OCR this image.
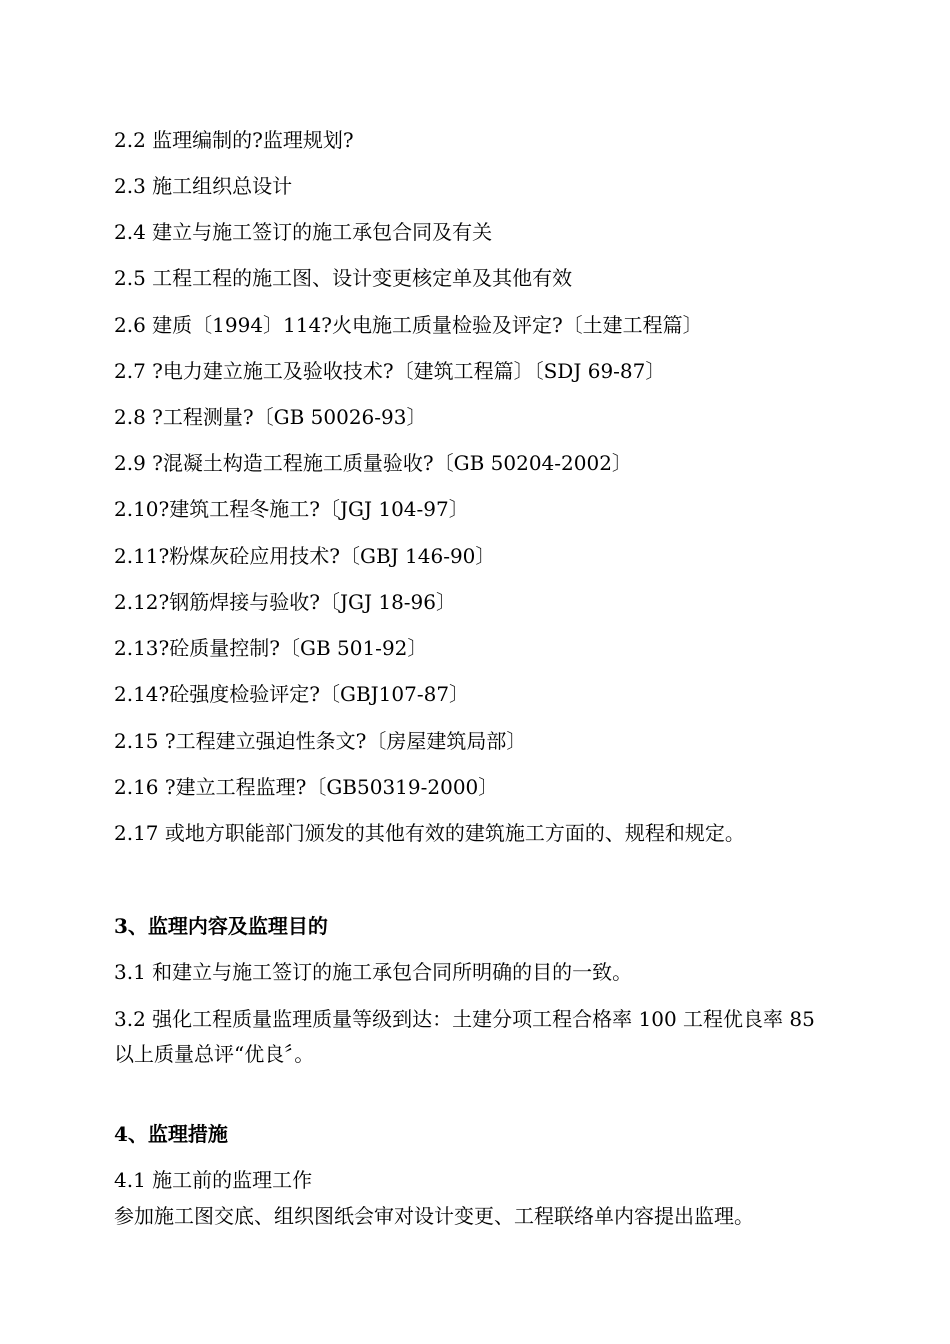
2.2 监理编制的?监理规划?
2.3 施工组织总设计
2.4 建立与施工签订的施工承包合同及有关
2.5 工程工程的施工图、设计变更核定单及其他有效
2.6 建质〔1994〕114?火电施工质量检验及评定?〔土建工程篇〕
2.7 ?电力建立施工及验收技术?〔建筑工程篇〕〔SDJ 69-87〕
2.8 ?工程测量?〔GB 50026-93〕
2.9 ?混凝土构造工程施工质量验收?〔GB 50204-2002〕
2.10?建筑工程冬施工?〔JGJ 104-97〕
2.11?粉煤灰砼应用技术?〔GBJ 146-90〕
2.12?钢筋焊接与验收?〔JGJ 18-96〕
2.13?砼质量控制?〔GB 501-92〕
2.14?砼强度检验评定?〔GBJ107-87〕
2.15 ?工程建立强迫性条文?〔房屋建筑局部〕
2.16 ?建立工程监理?〔GB50319-2000〕
2.17 或地方职能部门颁发的其他有效的建筑施工方面的、规程和规定。
3、监理内容及监理目的
3.1 和建立与施工签订的施工承包合同所明确的目的一致。
3.2 强化工程质量监理质量等级到达：土建分项工程合格率 100 工程优良率 85
以上质量总评“优良〞。
4、监理措施
4.1 施工前的监理工作
参加施工图交底、组织图纸会审对设计变更、工程联络单内容提出监理。
